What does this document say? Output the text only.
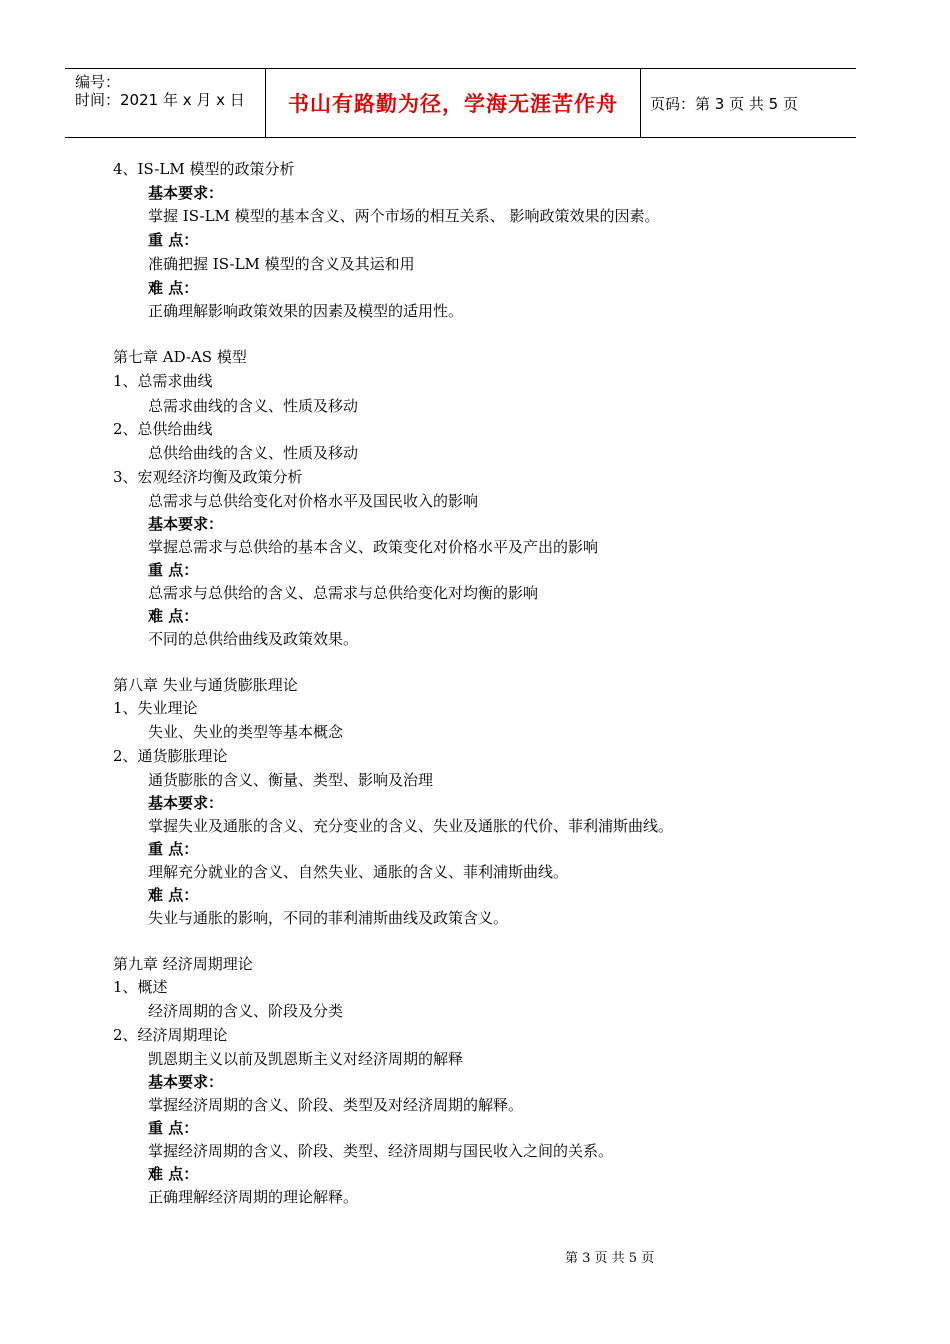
编号：
时间：2021 年 x 月 x 日 书山有路勤为径，学海无涯苦作舟 页码：第 3 页 共 5 页
4、IS-LM 模型的政策分析
基本要求：
掌握 IS-LM 模型的基本含义、两个市场的相互关系、 影响政策效果的因素。
重 点：
准确把握 IS-LM 模型的含义及其运和用
难 点：
正确理解影响政策效果的因素及模型的适用性。
第七章 AD-AS 模型
1、总需求曲线
总需求曲线的含义、性质及移动
2、总供给曲线
总供给曲线的含义、性质及移动
3、宏观经济均衡及政策分析
总需求与总供给变化对价格水平及国民收入的影响
基本要求：
掌握总需求与总供给的基本含义、政策变化对价格水平及产出的影响
重 点：
总需求与总供给的含义、总需求与总供给变化对均衡的影响
难 点：
不同的总供给曲线及政策效果。
第八章 失业与通货膨胀理论
1、失业理论
失业、失业的类型等基本概念
2、通货膨胀理论
通货膨胀的含义、衡量、类型、影响及治理
基本要求：
掌握失业及通胀的含义、充分变业的含义、失业及通胀的代价、菲利浦斯曲线。
重 点：
理解充分就业的含义、自然失业、通胀的含义、菲利浦斯曲线。
难 点：
失业与通胀的影响，不同的菲利浦斯曲线及政策含义。
第九章 经济周期理论
1、概述
经济周期的含义、阶段及分类
2、经济周期理论
凯恩期主义以前及凯恩斯主义对经济周期的解释
基本要求：
掌握经济周期的含义、阶段、类型及对经济周期的解释。
重 点：
掌握经济周期的含义、阶段、类型、经济周期与国民收入之间的关系。
难 点：
正确理解经济周期的理论解释。
第 3 页 共 5 页
